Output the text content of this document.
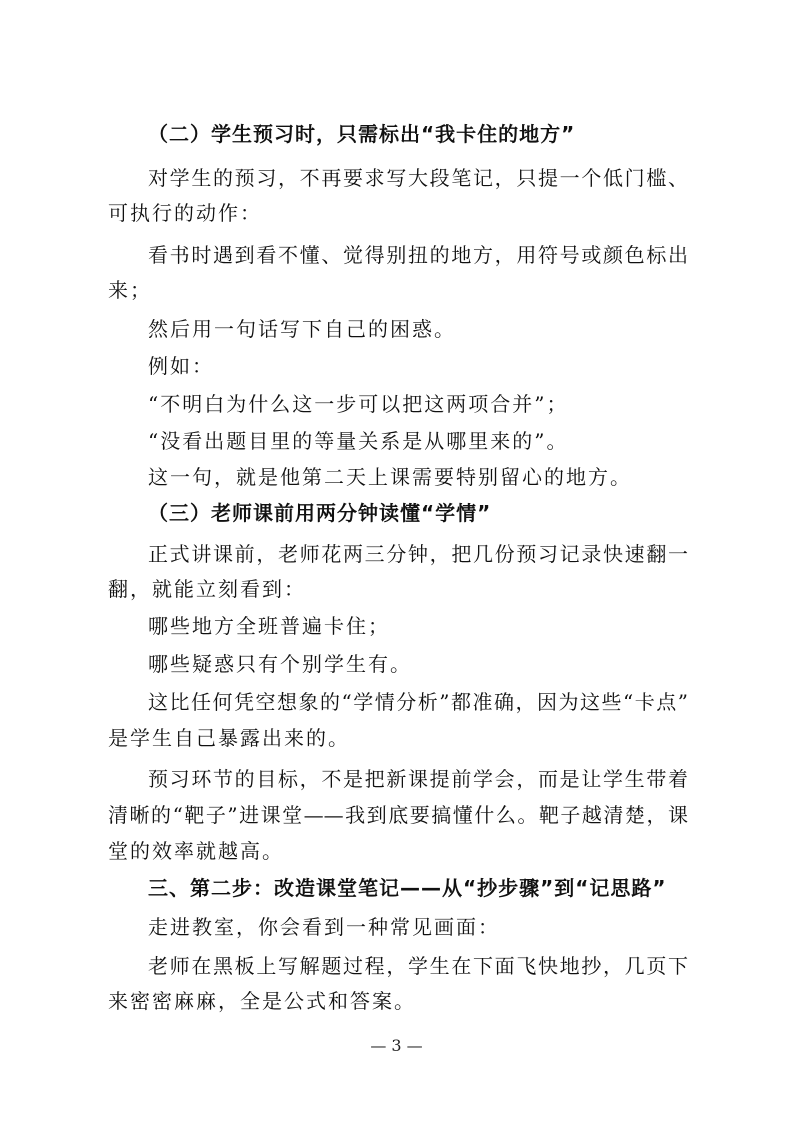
（二）学生预习时，只需标出“我卡住的地方”
对学生的预习，不再要求写大段笔记，只提一个低门槛、
可执行的动作：
看书时遇到看不懂、觉得别扭的地方，用符号或颜色标出
来；
然后用一句话写下自己的困惑。
例如：
“不明白为什么这一步可以把这两项合并”；
“没看出题目里的等量关系是从哪里来的”。
这一句，就是他第二天上课需要特别留心的地方。
（三）老师课前用两分钟读懂“学情”
正式讲课前，老师花两三分钟，把几份预习记录快速翻一
翻，就能立刻看到：
哪些地方全班普遍卡住；
哪些疑惑只有个别学生有。
这比任何凭空想象的“学情分析”都准确，因为这些“卡点”
是学生自己暴露出来的。
预习环节的目标，不是把新课提前学会，而是让学生带着
清晰的“靶子”进课堂——我到底要搞懂什么。靶子越清楚，课
堂的效率就越高。
三、第二步：改造课堂笔记——从“抄步骤”到“记思路”
走进教室，你会看到一种常见画面：
老师在黑板上写解题过程，学生在下面飞快地抄，几页下
来密密麻麻，全是公式和答案。
— 3 —
